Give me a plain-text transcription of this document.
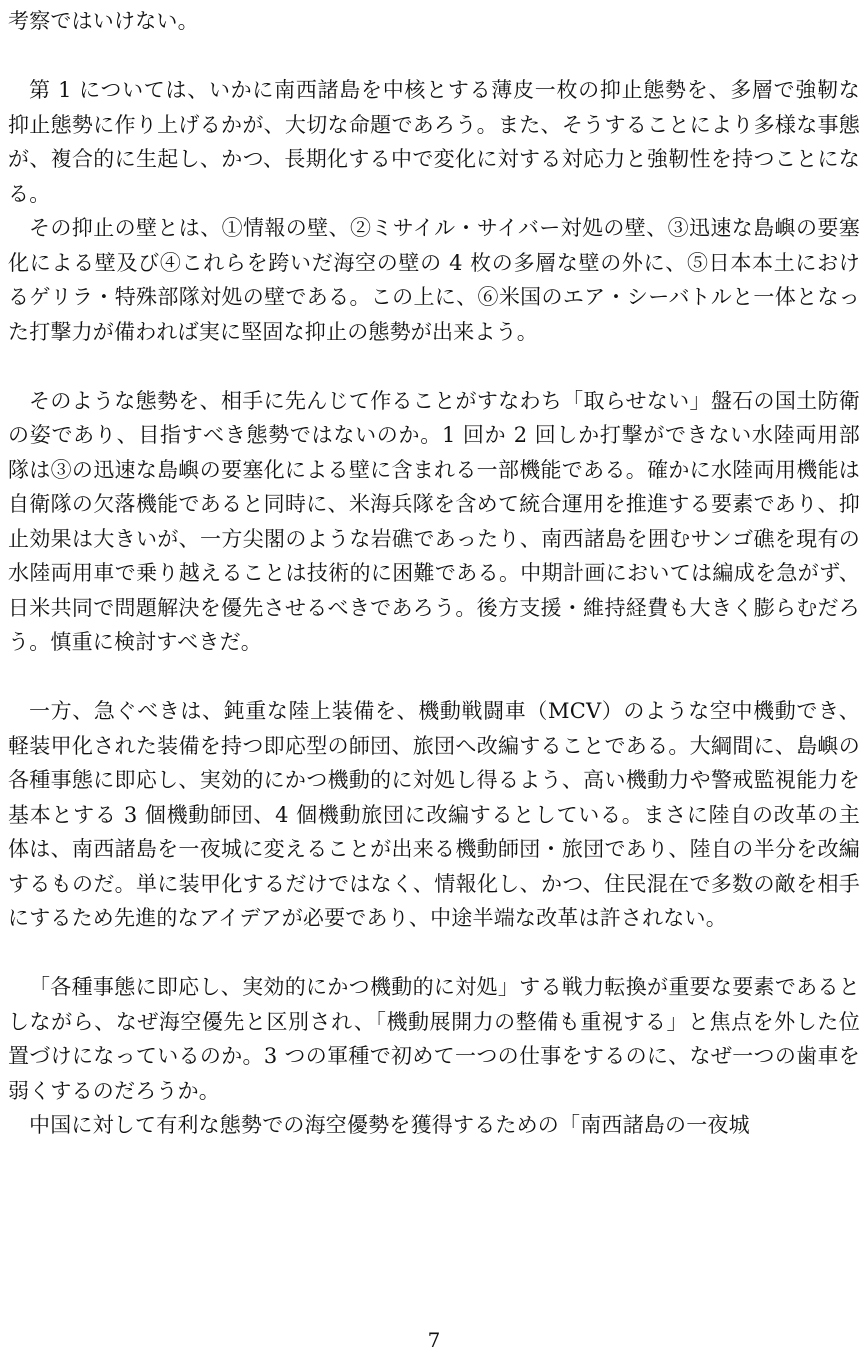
考察ではいけない。

第 1 については、いかに南西諸島を中核とする薄皮一枚の抑止態勢を、多層で強靭な抑止態勢に作り上げるかが、大切な命題であろう。また、そうすることにより多様な事態が、複合的に生起し、かつ、長期化する中で変化に対する対応力と強靭性を持つことになる。

その抑止の壁とは、①情報の壁、②ミサイル・サイバー対処の壁、③迅速な島嶼の要塞化による壁及び④これらを跨いだ海空の壁の 4 枚の多層な壁の外に、⑤日本本土におけるゲリラ・特殊部隊対処の壁である。この上に、⑥米国のエア・シーバトルと一体となった打撃力が備われば実に堅固な抑止の態勢が出来よう。

そのような態勢を、相手に先んじて作ることがすなわち「取らせない」盤石の国土防衛の姿であり、目指すべき態勢ではないのか。1 回か 2 回しか打撃ができない水陸両用部隊は③の迅速な島嶼の要塞化による壁に含まれる一部機能である。確かに水陸両用機能は自衛隊の欠落機能であると同時に、米海兵隊を含めて統合運用を推進する要素であり、抑止効果は大きいが、一方尖閣のような岩礁であったり、南西諸島を囲むサンゴ礁を現有の水陸両用車で乗り越えることは技術的に困難である。中期計画においては編成を急がず、日米共同で問題解決を優先させるべきであろう。後方支援・維持経費も大きく膨らむだろう。慎重に検討すべきだ。

一方、急ぐべきは、鈍重な陸上装備を、機動戦闘車（MCV）のような空中機動でき、軽装甲化された装備を持つ即応型の師団、旅団へ改編することである。大綱間に、島嶼の各種事態に即応し、実効的にかつ機動的に対処し得るよう、高い機動力や警戒監視能力を基本とする 3 個機動師団、4 個機動旅団に改編するとしている。まさに陸自の改革の主体は、南西諸島を一夜城に変えることが出来る機動師団・旅団であり、陸自の半分を改編するものだ。単に装甲化するだけではなく、情報化し、かつ、住民混在で多数の敵を相手にするため先進的なアイデアが必要であり、中途半端な改革は許されない。

「各種事態に即応し、実効的にかつ機動的に対処」する戦力転換が重要な要素であるとしながら、なぜ海空優先と区別され、「機動展開力の整備も重視する」と焦点を外した位置づけになっているのか。3 つの軍種で初めて一つの仕事をするのに、なぜ一つの歯車を弱くするのだろうか。

中国に対して有利な態勢での海空優勢を獲得するための「南西諸島の一夜城

7
